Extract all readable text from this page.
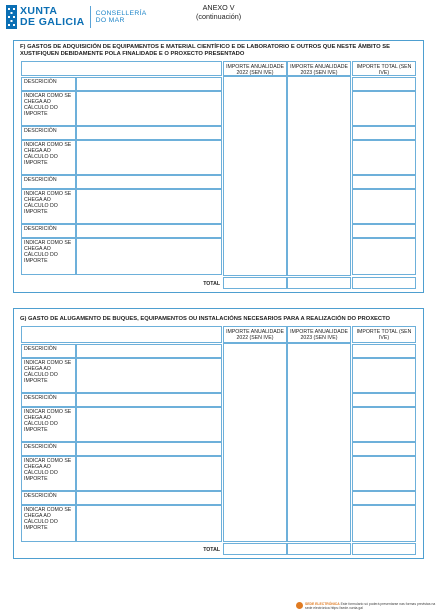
XUNTA
DE GALICIA
CONSELLERÍA
DO MAR
ANEXO V
(continuación)
F) GASTOS DE ADQUISICIÓN DE EQUIPAMENTOS E MATERIAL CIENTÍFICO E DE LABORATORIO E OUTROS QUE NESTE ÁMBITO SE XUSTIFIQUEN DEBIDAMENTE POLA FINALIDADE E O PROXECTO PRESENTADO
IMPORTE ANUALIDADE 2022 (SEN IVE)
IMPORTE ANUALIDADE 2023 (SEN IVE)
IMPORTE TOTAL (SEN IVE)
DESCRICIÓN
INDICAR COMO SE CHEGA AO CÁLCULO DO IMPORTE
DESCRICIÓN
INDICAR COMO SE CHEGA AO CÁLCULO DO IMPORTE
DESCRICIÓN
INDICAR COMO SE CHEGA AO CÁLCULO DO IMPORTE
DESCRICIÓN
INDICAR COMO SE CHEGA AO CÁLCULO DO IMPORTE
TOTAL
G) GASTO DE ALUGAMENTO DE BUQUES, EQUIPAMENTOS OU INSTALACIÓNS NECESARIOS PARA A REALIZACIÓN DO PROXECTO
IMPORTE ANUALIDADE 2022 (SEN IVE)
IMPORTE ANUALIDADE 2023 (SEN IVE)
IMPORTE TOTAL (SEN IVE)
DESCRICIÓN
INDICAR COMO SE CHEGA AO CÁLCULO DO IMPORTE
DESCRICIÓN
INDICAR COMO SE CHEGA AO CÁLCULO DO IMPORTE
DESCRICIÓN
INDICAR COMO SE CHEGA AO CÁLCULO DO IMPORTE
DESCRICIÓN
INDICAR COMO SE CHEGA AO CÁLCULO DO IMPORTE
TOTAL
SEDE ELECTRÓNICA Este formulario só poderá presentarse nas formas previstas na sede electrónica https://sede.xunta.gal
